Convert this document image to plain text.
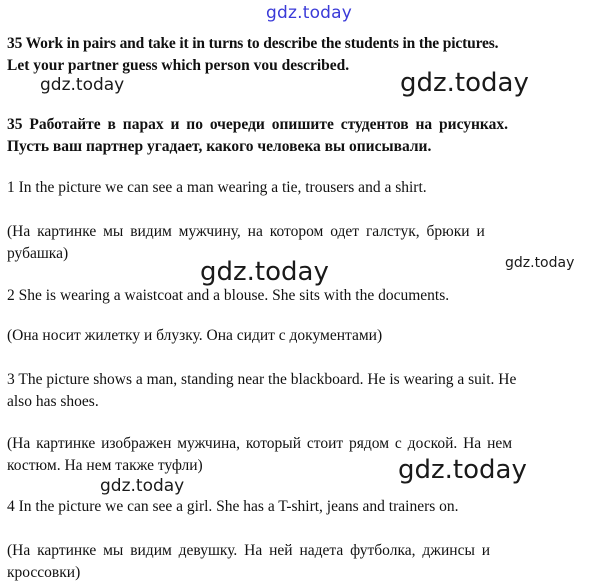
gdz.today
35 Work in pairs and take it in turns to describe the students in the pictures.
Let your partner guess which person vou described.
gdz.today	gdz.today
35 Работайте в парах и по очереди опишите студентов на рисунках.
Пусть ваш партнер угадает, какого человека вы описывали.
1 In the picture we can see a man wearing a tie, trousers and a shirt.
(На картинке мы видим мужчину, на котором одет галстук, брюки и
рубашка)
gdz.today	gdz.today
2 She is wearing a waistcoat and a blouse. She sits with the documents.
(Она носит жилетку и блузку. Она сидит с документами)
3 The picture shows a man, standing near the blackboard. He is wearing a suit. He
also has shoes.
(На картинке изображен мужчина, который стоит рядом с доской. На нем
костюм. На нем также туфли)	gdz.today
gdz.today
4 In the picture we can see a girl. She has a T-shirt, jeans and trainers on.
(На картинке мы видим девушку. На ней надета футболка, джинсы и
кроссовки)
